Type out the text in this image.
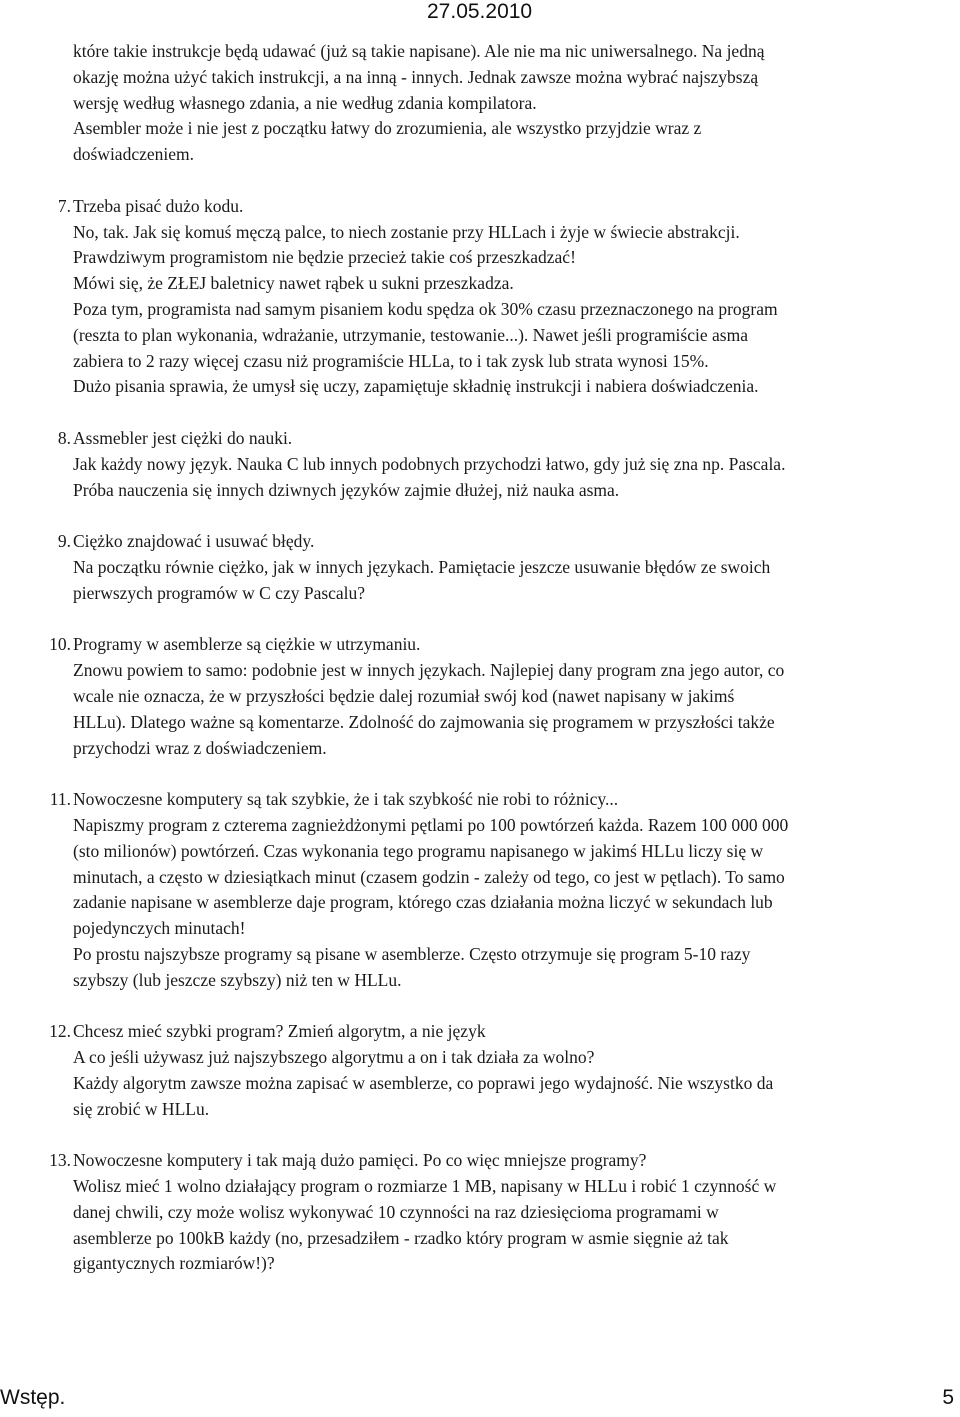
27.05.2010
które takie instrukcje będą udawać (już są takie napisane). Ale nie ma nic uniwersalnego. Na jedną
okazję można użyć takich instrukcji, a na inną - innych. Jednak zawsze można wybrać najszybszą
wersję według własnego zdania, a nie według zdania kompilatora.
Asembler może i nie jest z początku łatwy do zrozumienia, ale wszystko przyjdzie wraz z
doświadczeniem.
7. Trzeba pisać dużo kodu.
No, tak. Jak się komuś męczą palce, to niech zostanie przy HLLach i żyje w świecie abstrakcji.
Prawdziwym programistom nie będzie przecież takie coś przeszkadzać!
Mówi się, że ZŁEJ baletnicy nawet rąbek u sukni przeszkadza.
Poza tym, programista nad samym pisaniem kodu spędza ok 30% czasu przeznaczonego na program
(reszta to plan wykonania, wdrażanie, utrzymanie, testowanie...). Nawet jeśli programiście asma
zabiera to 2 razy więcej czasu niż programiście HLLa, to i tak zysk lub strata wynosi 15%.
Dużo pisania sprawia, że umysł się uczy, zapamiętuje składnię instrukcji i nabiera doświadczenia.
8. Assmebler jest ciężki do nauki.
Jak każdy nowy język. Nauka C lub innych podobnych przychodzi łatwo, gdy już się zna np. Pascala.
Próba nauczenia się innych dziwnych języków zajmie dłużej, niż nauka asma.
9. Ciężko znajdować i usuwać błędy.
Na początku równie ciężko, jak w innych językach. Pamiętacie jeszcze usuwanie błędów ze swoich
pierwszych programów w C czy Pascalu?
10. Programy w asemblerze są ciężkie w utrzymaniu.
Znowu powiem to samo: podobnie jest w innych językach. Najlepiej dany program zna jego autor, co
wcale nie oznacza, że w przyszłości będzie dalej rozumiał swój kod (nawet napisany w jakimś
HLLu). Dlatego ważne są komentarze. Zdolność do zajmowania się programem w przyszłości także
przychodzi wraz z doświadczeniem.
11. Nowoczesne komputery są tak szybkie, że i tak szybkość nie robi to różnicy...
Napiszmy program z czterema zagnieżdżonymi pętlami po 100 powtórzeń każda. Razem 100 000 000
(sto milionów) powtórzeń. Czas wykonania tego programu napisanego w jakimś HLLu liczy się w
minutach, a często w dziesiątkach minut (czasem godzin - zależy od tego, co jest w pętlach). To samo
zadanie napisane w asemblerze daje program, którego czas działania można liczyć w sekundach lub
pojedynczych minutach!
Po prostu najszybsze programy są pisane w asemblerze. Często otrzymuje się program 5-10 razy
szybszy (lub jeszcze szybszy) niż ten w HLLu.
12. Chcesz mieć szybki program? Zmień algorytm, a nie język
A co jeśli używasz już najszybszego algorytmu a on i tak działa za wolno?
Każdy algorytm zawsze można zapisać w asemblerze, co poprawi jego wydajność. Nie wszystko da
się zrobić w HLLu.
13. Nowoczesne komputery i tak mają dużo pamięci. Po co więc mniejsze programy?
Wolisz mieć 1 wolno działający program o rozmiarze 1 MB, napisany w HLLu i robić 1 czynność w
danej chwili, czy może wolisz wykonywać 10 czynności na raz dziesięcioma programami w
asemblerze po 100kB każdy (no, przesadziłem - rzadko który program w asmie sięgnie aż tak
gigantycznych rozmiarów!)?
Wstęp.	5
